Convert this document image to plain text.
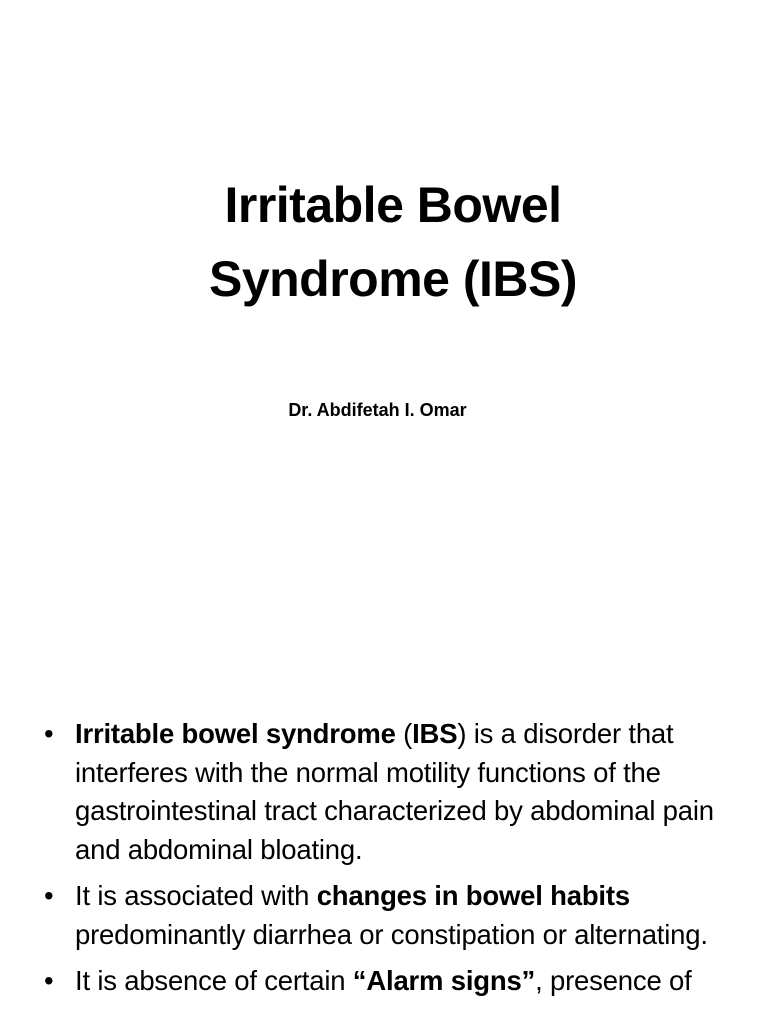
Irritable Bowel
Syndrome (IBS)

Dr. Abdifetah I. Omar

• Irritable bowel syndrome (IBS) is a disorder that interferes with the normal motility functions of the gastrointestinal tract characterized by abdominal pain and abdominal bloating.
• It is associated with changes in bowel habits predominantly diarrhea or constipation or alternating.
• It is absence of certain “Alarm signs”, presence of
